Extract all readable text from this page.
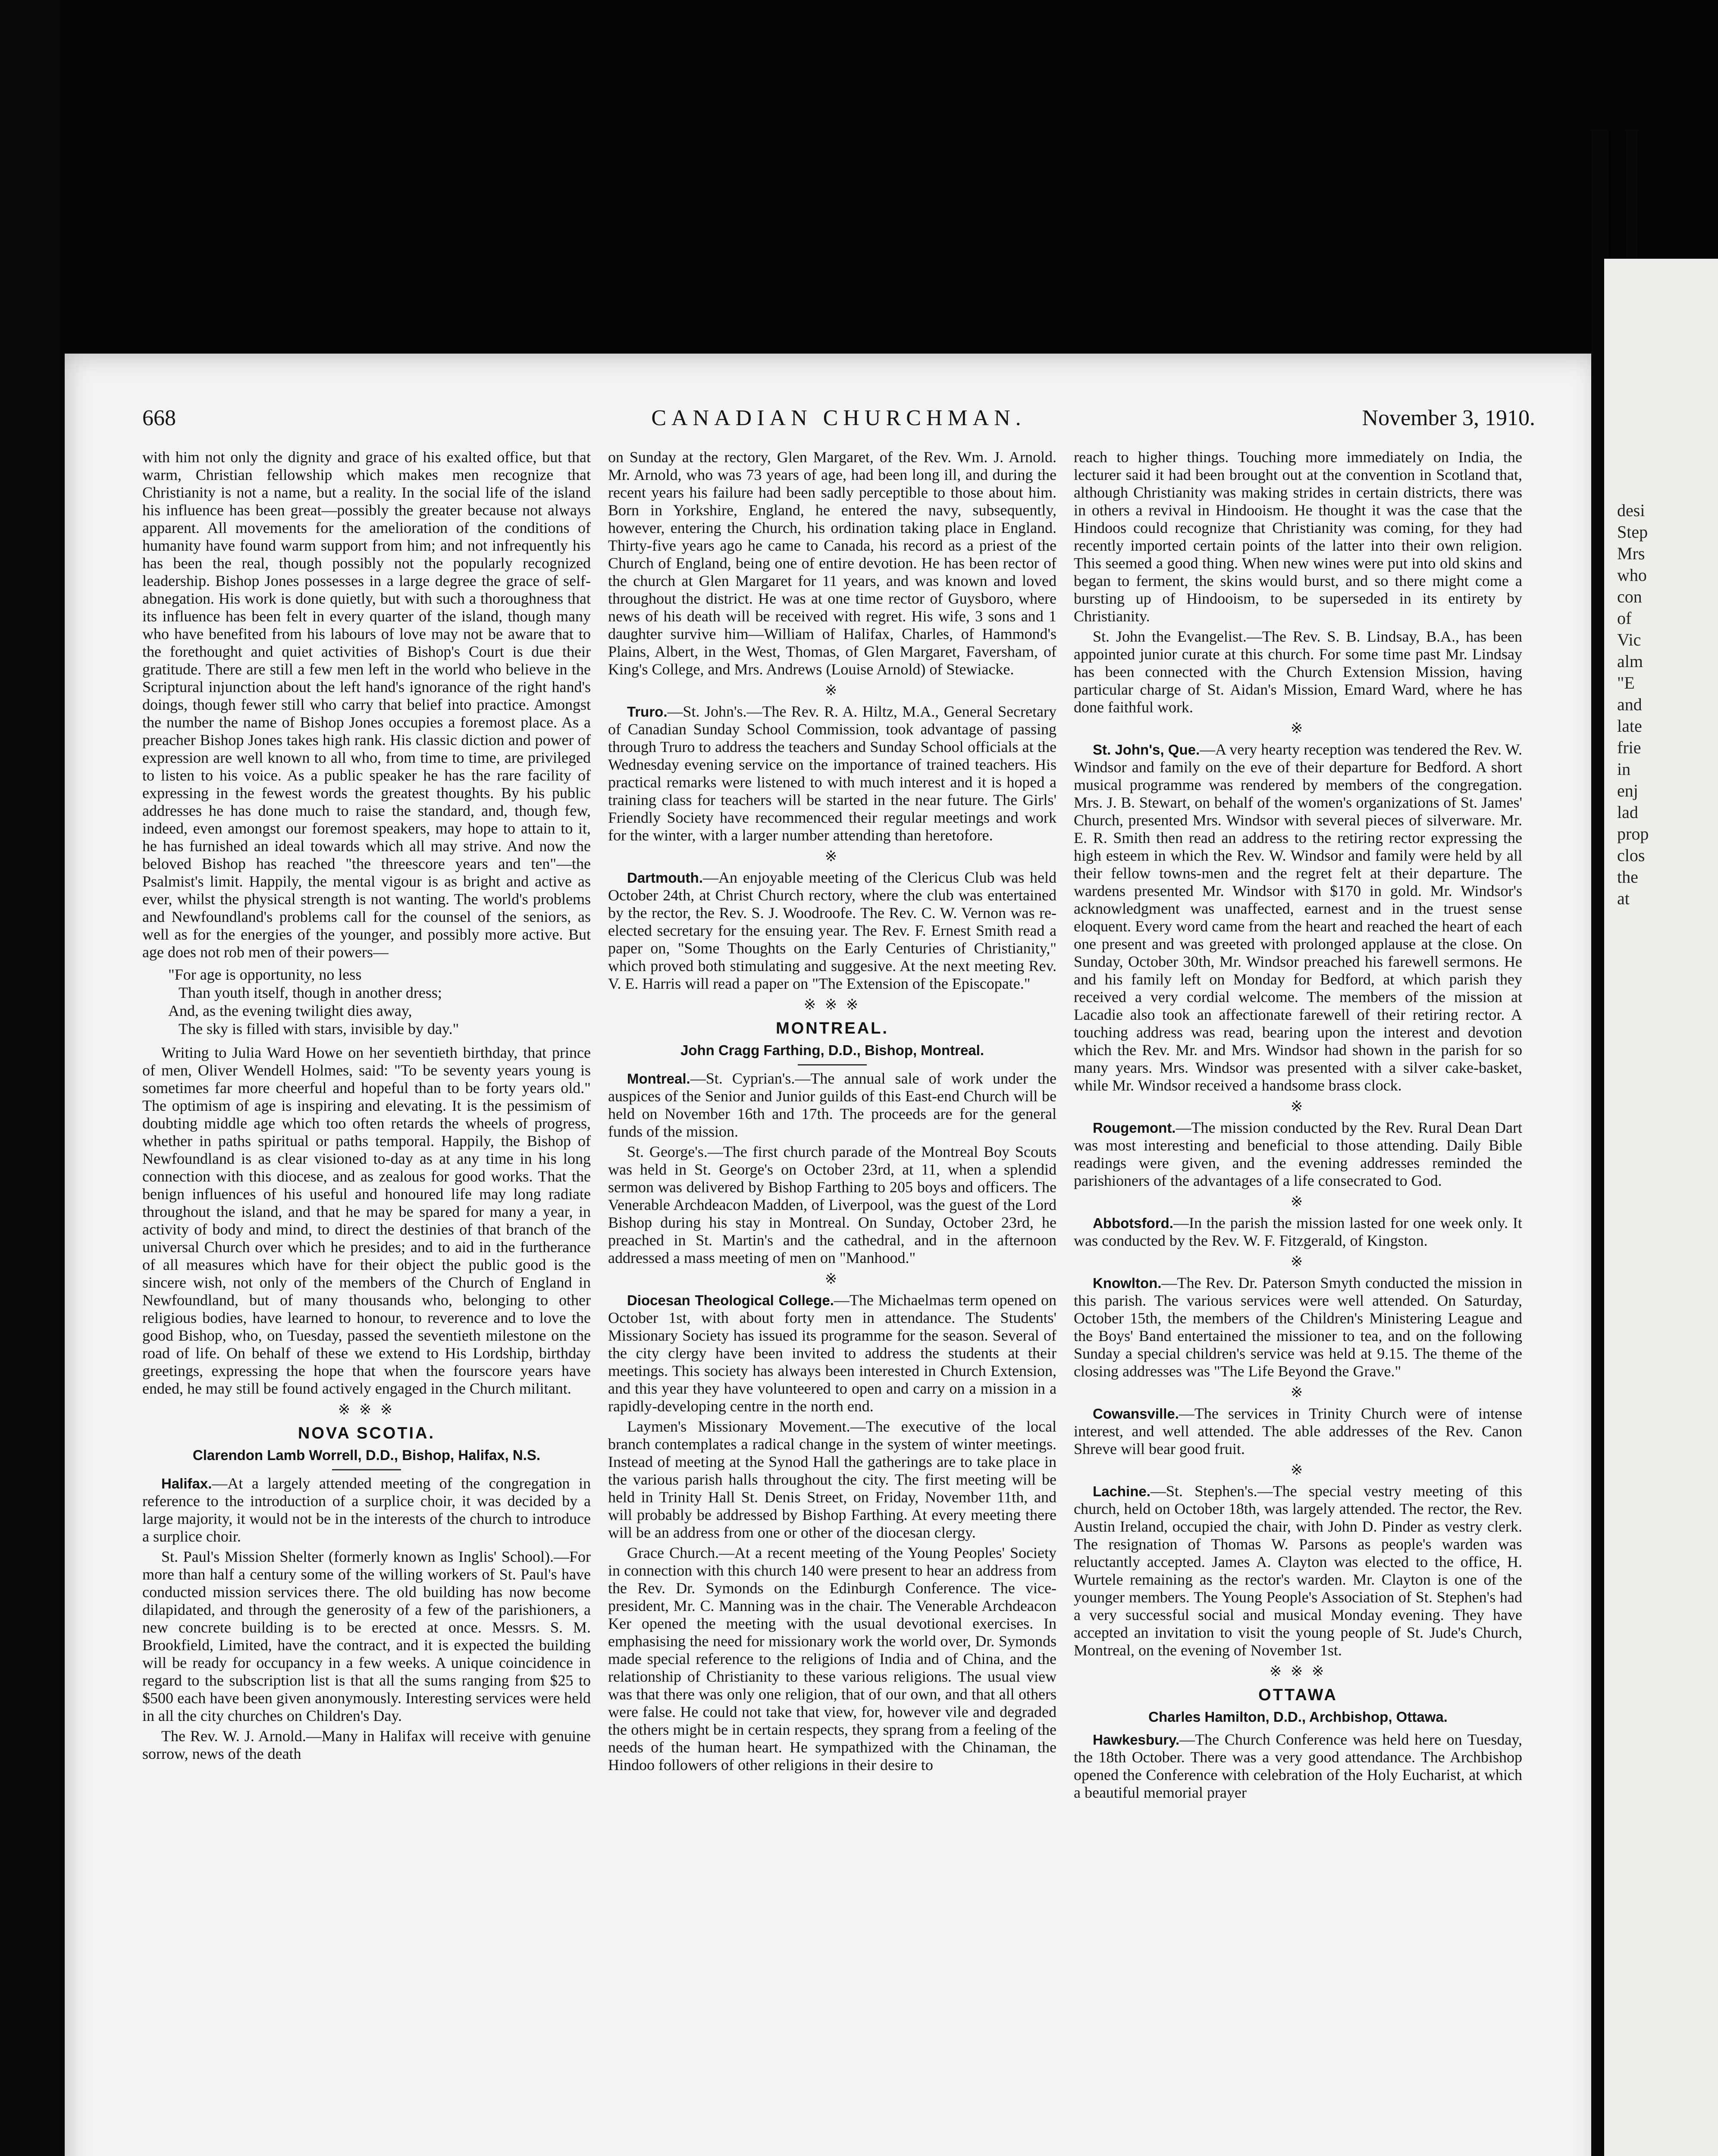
668	CANADIAN CHURCHMAN.	November 3, 1910.

with him not only the dignity and grace of his exalted office, but that warm, Christian fellowship which makes men recognize that Christianity is not a name, but a reality. In the social life of the island his influence has been great—possibly the greater because not always apparent. All movements for the amelioration of the conditions of humanity have found warm support from him; and not infrequently his has been the real, though possibly not the popularly recognized leadership. Bishop Jones possesses in a large degree the grace of self-abnegation. His work is done quietly, but with such a thoroughness that its influence has been felt in every quarter of the island, though many who have benefited from his labours of love may not be aware that to the forethought and quiet activities of Bishop's Court is due their gratitude. There are still a few men left in the world who believe in the Scriptural injunction about the left hand's ignorance of the right hand's doings, though fewer still who carry that belief into practice. Amongst the number the name of Bishop Jones occupies a foremost place. As a preacher Bishop Jones takes high rank. His classic diction and power of expression are well known to all who, from time to time, are privileged to listen to his voice. As a public speaker he has the rare facility of expressing in the fewest words the greatest thoughts. By his public addresses he has done much to raise the standard, and, though few, indeed, even amongst our foremost speakers, may hope to attain to it, he has furnished an ideal towards which all may strive. And now the beloved Bishop has reached "the threescore years and ten"—the Psalmist's limit. Happily, the mental vigour is as bright and active as ever, whilst the physical strength is not wanting. The world's problems and Newfoundland's problems call for the counsel of the seniors, as well as for the energies of the younger, and possibly more active. But age does not rob men of their powers—

"For age is opportunity, no less
Than youth itself, though in another dress;
And, as the evening twilight dies away,
The sky is filled with stars, invisible by day."

Writing to Julia Ward Howe on her seventieth birthday, that prince of men, Oliver Wendell Holmes, said: "To be seventy years young is sometimes far more cheerful and hopeful than to be forty years old." The optimism of age is inspiring and elevating. It is the pessimism of doubting middle age which too often retards the wheels of progress, whether in paths spiritual or paths temporal. Happily, the Bishop of Newfoundland is as clear visioned to-day as at any time in his long connection with this diocese, and as zealous for good works. That the benign influences of his useful and honoured life may long radiate throughout the island, and that he may be spared for many a year, in activity of body and mind, to direct the destinies of that branch of the universal Church over which he presides; and to aid in the furtherance of all measures which have for their object the public good is the sincere wish, not only of the members of the Church of England in Newfoundland, but of many thousands who, belonging to other religious bodies, have learned to honour, to reverence and to love the good Bishop, who, on Tuesday, passed the seventieth milestone on the road of life. On behalf of these we extend to His Lordship, birthday greetings, expressing the hope that when the fourscore years have ended, he may still be found actively engaged in the Church militant.

※ ※ ※
NOVA SCOTIA.
Clarendon Lamb Worrell, D.D., Bishop, Halifax, N.S.

Halifax.—At a largely attended meeting of the congregation in reference to the introduction of a surplice choir, it was decided by a large majority, it would not be in the interests of the church to introduce a surplice choir.

St. Paul's Mission Shelter (formerly known as Inglis' School).—For more than half a century some of the willing workers of St. Paul's have conducted mission services there. The old building has now become dilapidated, and through the generosity of a few of the parishioners, a new concrete building is to be erected at once. Messrs. S. M. Brookfield, Limited, have the contract, and it is expected the building will be ready for occupancy in a few weeks. A unique coincidence in regard to the subscription list is that all the sums ranging from $25 to $500 each have been given anonymously. Interesting services were held in all the city churches on Children's Day.

The Rev. W. J. Arnold.—Many in Halifax will receive with genuine sorrow, news of the death

on Sunday at the rectory, Glen Margaret, of the Rev. Wm. J. Arnold. Mr. Arnold, who was 73 years of age, had been long ill, and during the recent years his failure had been sadly perceptible to those about him. Born in Yorkshire, England, he entered the navy, subsequently, however, entering the Church, his ordination taking place in England. Thirty-five years ago he came to Canada, his record as a priest of the Church of England, being one of entire devotion. He has been rector of the church at Glen Margaret for 11 years, and was known and loved throughout the district. He was at one time rector of Guysboro, where news of his death will be received with regret. His wife, 3 sons and 1 daughter survive him—William of Halifax, Charles, of Hammond's Plains, Albert, in the West, Thomas, of Glen Margaret, Faversham, of King's College, and Mrs. Andrews (Louise Arnold) of Stewiacke.

※

Truro.—St. John's.—The Rev. R. A. Hiltz, M.A., General Secretary of Canadian Sunday School Commission, took advantage of passing through Truro to address the teachers and Sunday School officials at the Wednesday evening service on the importance of trained teachers. His practical remarks were listened to with much interest and it is hoped a training class for teachers will be started in the near future. The Girls' Friendly Society have recommenced their regular meetings and work for the winter, with a larger number attending than heretofore.

※

Dartmouth.—An enjoyable meeting of the Clericus Club was held October 24th, at Christ Church rectory, where the club was entertained by the rector, the Rev. S. J. Woodroofe. The Rev. C. W. Vernon was re-elected secretary for the ensuing year. The Rev. F. Ernest Smith read a paper on, "Some Thoughts on the Early Centuries of Christianity," which proved both stimulating and suggesive. At the next meeting Rev. V. E. Harris will read a paper on "The Extension of the Episcopate."

※ ※ ※
MONTREAL.
John Cragg Farthing, D.D., Bishop, Montreal.

Montreal.—St. Cyprian's.—The annual sale of work under the auspices of the Senior and Junior guilds of this East-end Church will be held on November 16th and 17th. The proceeds are for the general funds of the mission.

St. George's.—The first church parade of the Montreal Boy Scouts was held in St. George's on October 23rd, at 11, when a splendid sermon was delivered by Bishop Farthing to 205 boys and officers. The Venerable Archdeacon Madden, of Liverpool, was the guest of the Lord Bishop during his stay in Montreal. On Sunday, October 23rd, he preached in St. Martin's and the cathedral, and in the afternoon addressed a mass meeting of men on "Manhood."

※

Diocesan Theological College.—The Michaelmas term opened on October 1st, with about forty men in attendance. The Students' Missionary Society has issued its programme for the season. Several of the city clergy have been invited to address the students at their meetings. This society has always been interested in Church Extension, and this year they have volunteered to open and carry on a mission in a rapidly-developing centre in the north end.

Laymen's Missionary Movement.—The executive of the local branch contemplates a radical change in the system of winter meetings. Instead of meeting at the Synod Hall the gatherings are to take place in the various parish halls throughout the city. The first meeting will be held in Trinity Hall St. Denis Street, on Friday, November 11th, and will probably be addressed by Bishop Farthing. At every meeting there will be an address from one or other of the diocesan clergy.

Grace Church.—At a recent meeting of the Young Peoples' Society in connection with this church 140 were present to hear an address from the Rev. Dr. Symonds on the Edinburgh Conference. The vice-president, Mr. C. Manning was in the chair. The Venerable Archdeacon Ker opened the meeting with the usual devotional exercises. In emphasising the need for missionary work the world over, Dr. Symonds made special reference to the religions of India and of China, and the relationship of Christianity to these various religions. The usual view was that there was only one religion, that of our own, and that all others were false. He could not take that view, for, however vile and degraded the others might be in certain respects, they sprang from a feeling of the needs of the human heart. He sympathized with the Chinaman, the Hindoo followers of other religions in their desire to

reach to higher things. Touching more immediately on India, the lecturer said it had been brought out at the convention in Scotland that, although Christianity was making strides in certain districts, there was in others a revival in Hindooism. He thought it was the case that the Hindoos could recognize that Christianity was coming, for they had recently imported certain points of the latter into their own religion. This seemed a good thing. When new wines were put into old skins and began to ferment, the skins would burst, and so there might come a bursting up of Hindooism, to be superseded in its entirety by Christianity.

St. John the Evangelist.—The Rev. S. B. Lindsay, B.A., has been appointed junior curate at this church. For some time past Mr. Lindsay has been connected with the Church Extension Mission, having particular charge of St. Aidan's Mission, Emard Ward, where he has done faithful work.

※

St. John's, Que.—A very hearty reception was tendered the Rev. W. Windsor and family on the eve of their departure for Bedford. A short musical programme was rendered by members of the congregation. Mrs. J. B. Stewart, on behalf of the women's organizations of St. James' Church, presented Mrs. Windsor with several pieces of silverware. Mr. E. R. Smith then read an address to the retiring rector expressing the high esteem in which the Rev. W. Windsor and family were held by all their fellow towns-men and the regret felt at their departure. The wardens presented Mr. Windsor with $170 in gold. Mr. Windsor's acknowledgment was unaffected, earnest and in the truest sense eloquent. Every word came from the heart and reached the heart of each one present and was greeted with prolonged applause at the close. On Sunday, October 30th, Mr. Windsor preached his farewell sermons. He and his family left on Monday for Bedford, at which parish they received a very cordial welcome. The members of the mission at Lacadie also took an affectionate farewell of their retiring rector. A touching address was read, bearing upon the interest and devotion which the Rev. Mr. and Mrs. Windsor had shown in the parish for so many years. Mrs. Windsor was presented with a silver cake-basket, while Mr. Windsor received a handsome brass clock.

※

Rougemont.—The mission conducted by the Rev. Rural Dean Dart was most interesting and beneficial to those attending. Daily Bible readings were given, and the evening addresses reminded the parishioners of the advantages of a life consecrated to God.

※

Abbotsford.—In the parish the mission lasted for one week only. It was conducted by the Rev. W. F. Fitzgerald, of Kingston.

※

Knowlton.—The Rev. Dr. Paterson Smyth conducted the mission in this parish. The various services were well attended. On Saturday, October 15th, the members of the Children's Ministering League and the Boys' Band entertained the missioner to tea, and on the following Sunday a special children's service was held at 9.15. The theme of the closing addresses was "The Life Beyond the Grave."

※

Cowansville.—The services in Trinity Church were of intense interest, and well attended. The able addresses of the Rev. Canon Shreve will bear good fruit.

※

Lachine.—St. Stephen's.—The special vestry meeting of this church, held on October 18th, was largely attended. The rector, the Rev. Austin Ireland, occupied the chair, with John D. Pinder as vestry clerk. The resignation of Thomas W. Parsons as people's warden was reluctantly accepted. James A. Clayton was elected to the office, H. Wurtele remaining as the rector's warden. Mr. Clayton is one of the younger members. The Young People's Association of St. Stephen's had a very successful social and musical Monday evening. They have accepted an invitation to visit the young people of St. Jude's Church, Montreal, on the evening of November 1st.

※ ※ ※
OTTAWA
Charles Hamilton, D.D., Archbishop, Ottawa.

Hawkesbury.—The Church Conference was held here on Tuesday, the 18th October. There was a very good attendance. The Archbishop opened the Conference with celebration of the Holy Eucharist, at which a beautiful memorial prayer

desi
Step
Mrs
who
con
of
Vic
alm
"E
and
late
frie
in
enj
lad
prop
clos
the
at
